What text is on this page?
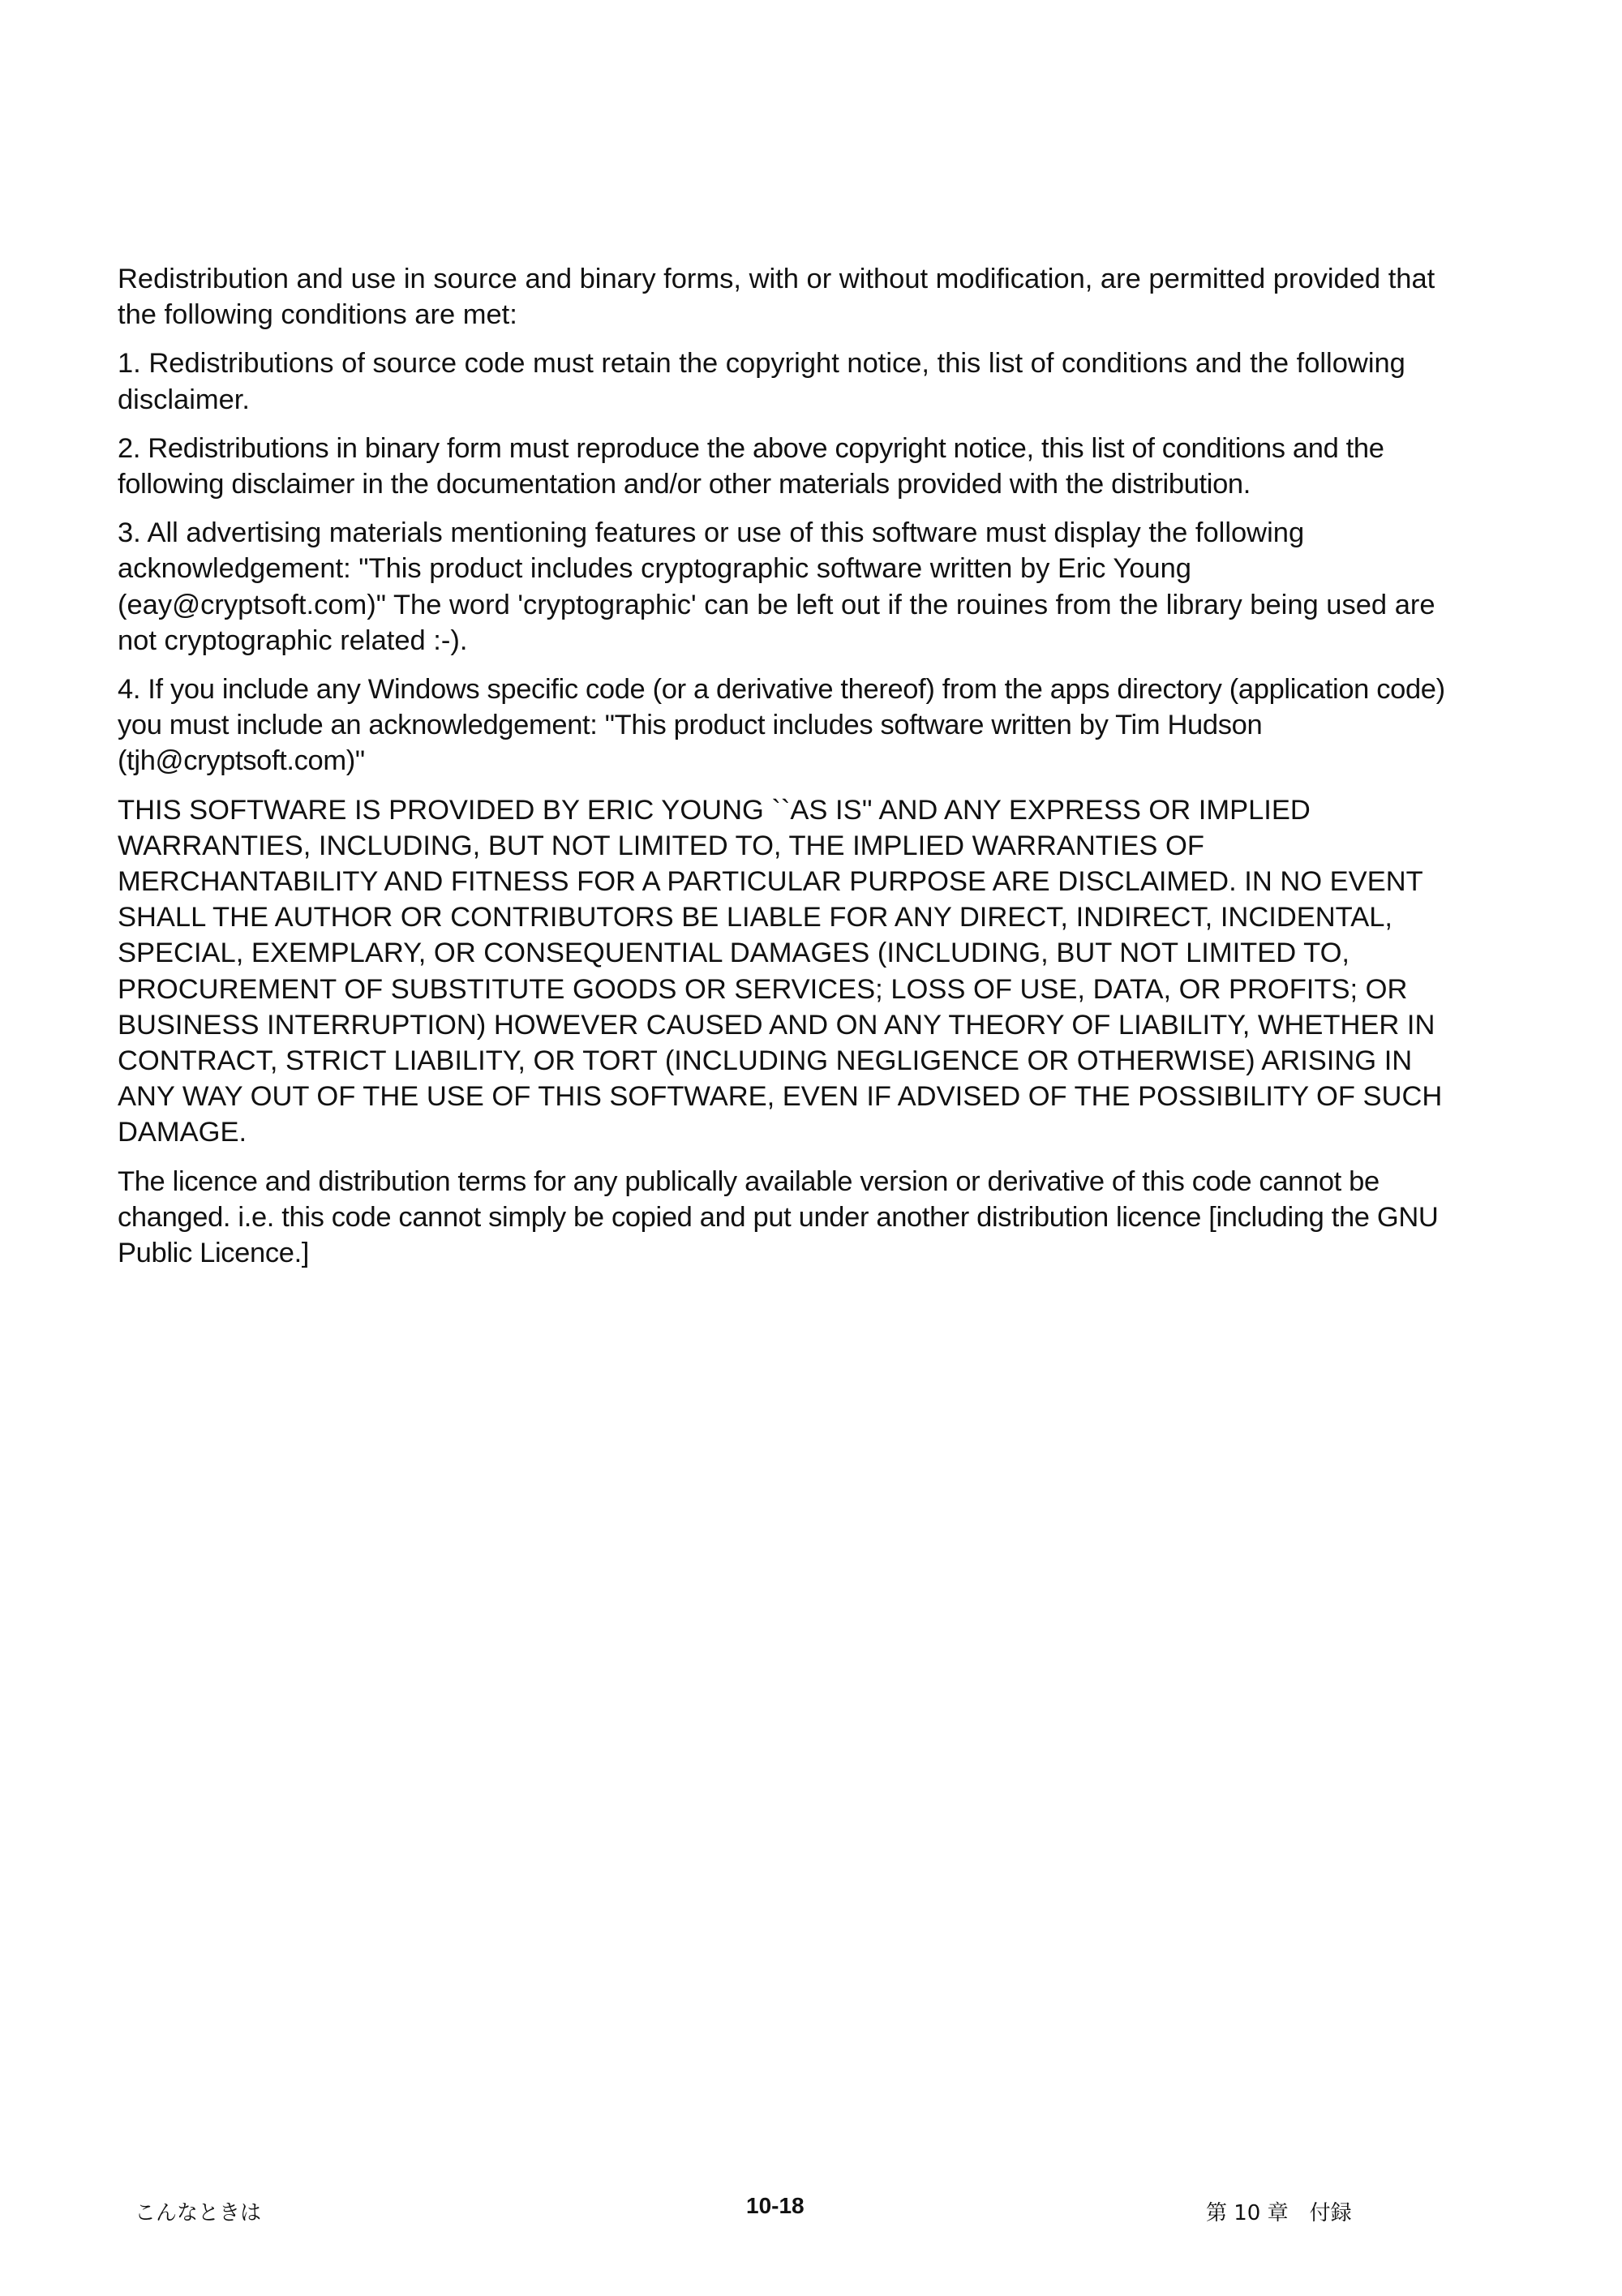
Redistribution and use in source and binary forms, with or without modification, are permitted provided that the following conditions are met:

1. Redistributions of source code must retain the copyright notice, this list of conditions and the following disclaimer.

2. Redistributions in binary form must reproduce the above copyright notice, this list of conditions and the following disclaimer in the documentation and/or other materials provided with the distribution.

3. All advertising materials mentioning features or use of this software must display the following acknowledgement: "This product includes cryptographic software written by Eric Young (eay@cryptsoft.com)" The word 'cryptographic' can be left out if the rouines from the library being used are not cryptographic related :-).

4. If you include any Windows specific code (or a derivative thereof) from the apps directory (application code) you must include an acknowledgement: "This product includes software written by Tim Hudson (tjh@cryptsoft.com)"

THIS SOFTWARE IS PROVIDED BY ERIC YOUNG ``AS IS'' AND ANY EXPRESS OR IMPLIED WARRANTIES, INCLUDING, BUT NOT LIMITED TO, THE IMPLIED WARRANTIES OF MERCHANTABILITY AND FITNESS FOR A PARTICULAR PURPOSE ARE DISCLAIMED. IN NO EVENT SHALL THE AUTHOR OR CONTRIBUTORS BE LIABLE FOR ANY DIRECT, INDIRECT, INCIDENTAL, SPECIAL, EXEMPLARY, OR CONSEQUENTIAL DAMAGES (INCLUDING, BUT NOT LIMITED TO, PROCUREMENT OF SUBSTITUTE GOODS OR SERVICES; LOSS OF USE, DATA, OR PROFITS; OR BUSINESS INTERRUPTION) HOWEVER CAUSED AND ON ANY THEORY OF LIABILITY, WHETHER IN CONTRACT, STRICT LIABILITY, OR TORT (INCLUDING NEGLIGENCE OR OTHERWISE) ARISING IN ANY WAY OUT OF THE USE OF THIS SOFTWARE, EVEN IF ADVISED OF THE POSSIBILITY OF SUCH DAMAGE.

The licence and distribution terms for any publically available version or derivative of this code cannot be changed. i.e. this code cannot simply be copied and put under another distribution licence [including the GNU Public Licence.]

こんなときは	10-18	第 10 章　付録
